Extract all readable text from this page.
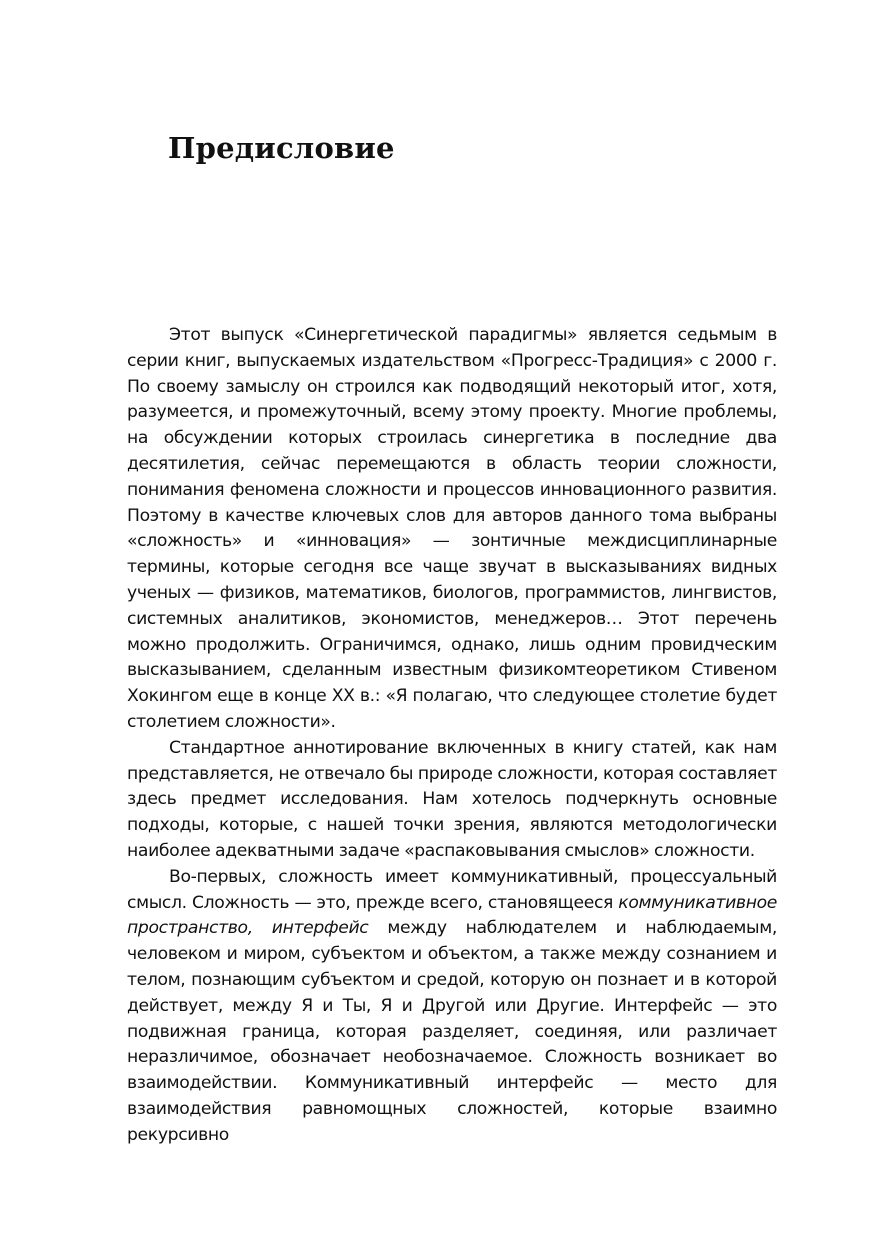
Предисловие

Этот выпуск «Синергетической парадигмы» является седьмым в серии книг, выпускаемых издательством «Прогресс-Традиция» с 2000 г. По своему замыслу он строился как подводящий некоторый итог, хотя, разумеется, и промежуточный, всему этому проекту. Многие проблемы, на обсуждении которых строилась синергетика в последние два десятилетия, сейчас перемещаются в область теории сложности, понимания феномена сложности и процессов инновационного развития. Поэтому в качестве ключевых слов для авторов данного тома выбраны «сложность» и «инновация» — зонтичные междисциплинарные термины, которые сегодня все чаще звучат в высказываниях видных ученых — физиков, математиков, биологов, программистов, лингвистов, системных аналитиков, экономистов, менеджеров… Этот перечень можно продолжить. Ограничимся, однако, лишь одним провидческим высказыванием, сделанным известным физикомтеоретиком Стивеном Хокингом еще в конце XX в.: «Я полагаю, что следующее столетие будет столетием сложности».

Стандартное аннотирование включенных в книгу статей, как нам представляется, не отвечало бы природе сложности, которая составляет здесь предмет исследования. Нам хотелось подчеркнуть основные подходы, которые, с нашей точки зрения, являются методологически наиболее адекватными задаче «распаковывания смыслов» сложности.

Во-первых, сложность имеет коммуникативный, процессуальный смысл. Сложность — это, прежде всего, становящееся коммуникативное пространство, интерфейс между наблюдателем и наблюдаемым, человеком и миром, субъектом и объектом, а также между сознанием и телом, познающим субъектом и средой, которую он познает и в которой действует, между Я и Ты, Я и Другой или Другие. Интерфейс — это подвижная граница, которая разделяет, соединяя, или различает неразличимое, обозначает необозначаемое. Сложность возникает во взаимодействии. Коммуникативный интерфейс — место для взаимодействия равномощных сложностей, которые взаимно рекурсивно
